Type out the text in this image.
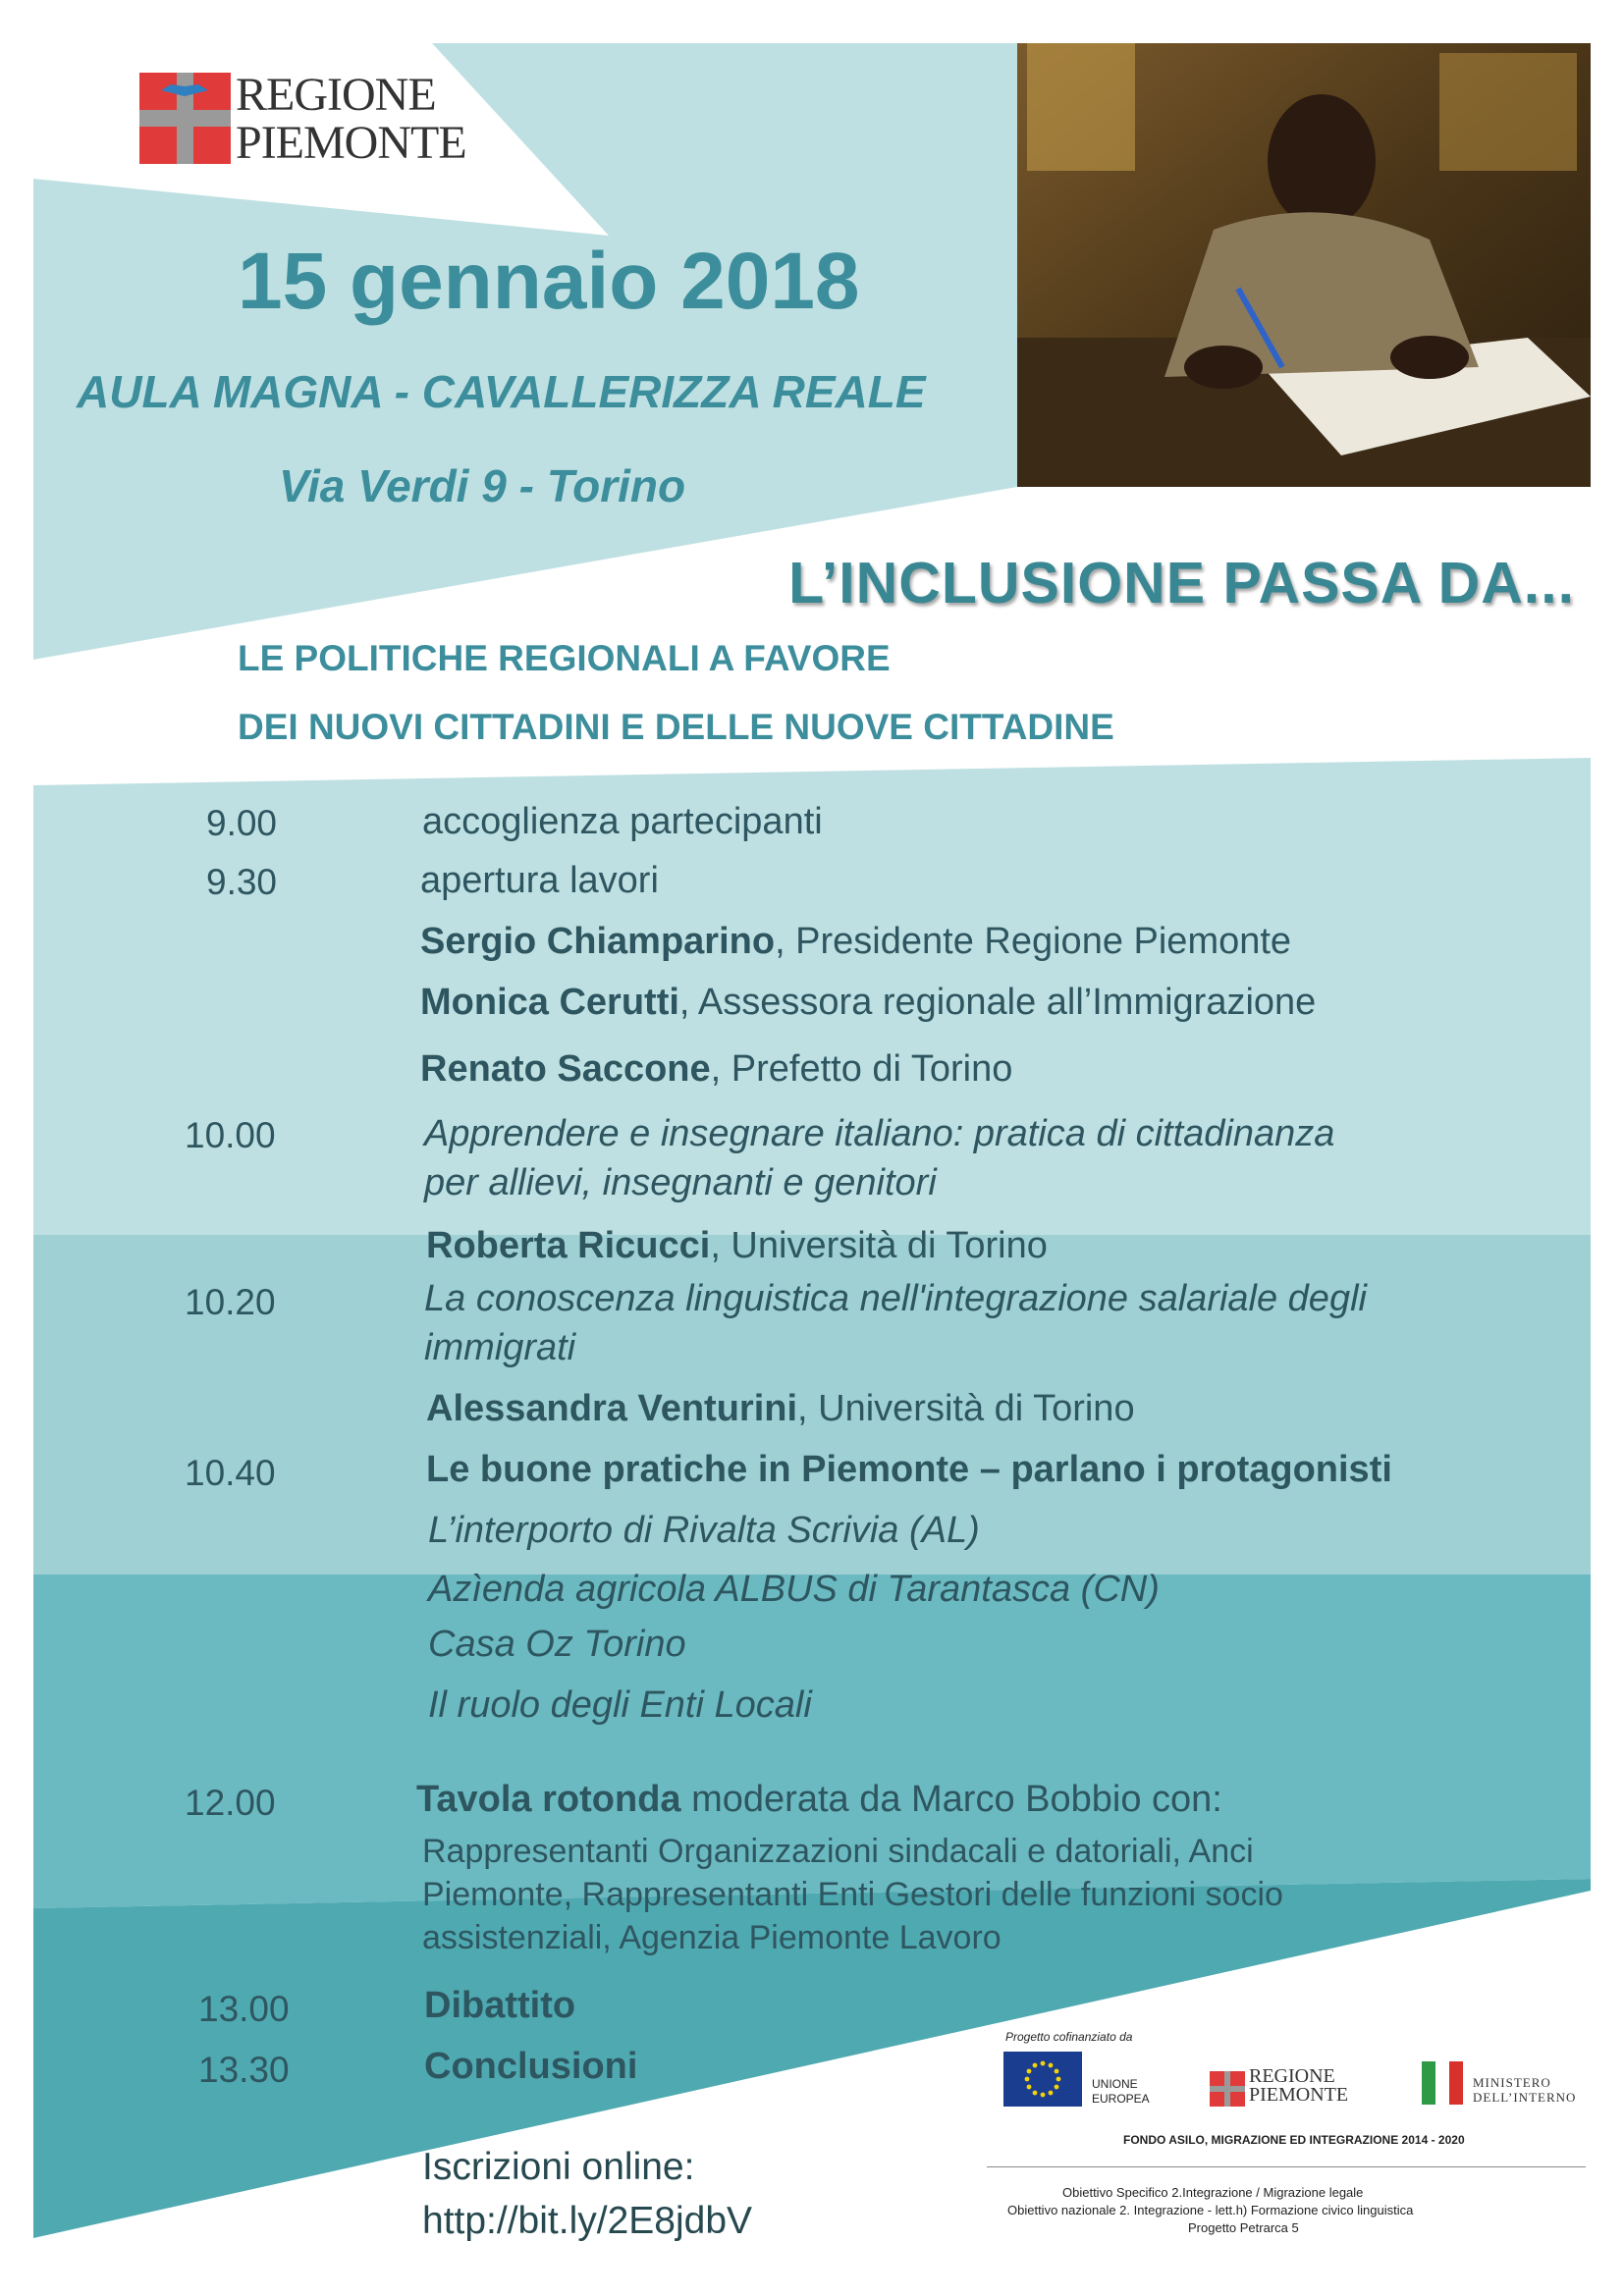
REGIONE
PIEMONTE
15 gennaio 2018
AULA MAGNA - CAVALLERIZZA REALE
Via Verdi 9 - Torino
L’INCLUSIONE PASSA DA...
LE POLITICHE REGIONALI A FAVORE
DEI NUOVI CITTADINI E DELLE NUOVE CITTADINE
9.00	accoglienza partecipanti
9.30	apertura lavori
Sergio Chiamparino, Presidente Regione Piemonte
Monica Cerutti, Assessora regionale all’Immigrazione
Renato Saccone, Prefetto di Torino
10.00	Apprendere e insegnare italiano: pratica di cittadinanza
per allievi, insegnanti e genitori
Roberta Ricucci, Università di Torino
10.20	La conoscenza linguistica nell'integrazione salariale degli
immigrati
Alessandra Venturini, Università di Torino
10.40	Le buone pratiche in Piemonte – parlano i protagonisti
L’interporto di Rivalta Scrivia (AL)
Azìenda agricola ALBUS di Tarantasca (CN)
Casa Oz Torino
Il ruolo degli Enti Locali
12.00	Tavola rotonda moderata da Marco Bobbio con:
Rappresentanti Organizzazioni sindacali e datoriali, Anci
Piemonte, Rappresentanti Enti Gestori delle funzioni socio
assistenziali, Agenzia Piemonte Lavoro
13.00	Dibattito
13.30	Conclusioni
Iscrizioni online:
http://bit.ly/2E8jdbV
Progetto cofinanziato da
UNIONE
EUROPEA
REGIONE
PIEMONTE
MINISTERO
DELL’INTERNO
FONDO ASILO, MIGRAZIONE ED INTEGRAZIONE 2014 - 2020
Obiettivo Specifico 2.Integrazione / Migrazione legale
Obiettivo nazionale 2. Integrazione - lett.h) Formazione civico linguistica
Progetto Petrarca 5
